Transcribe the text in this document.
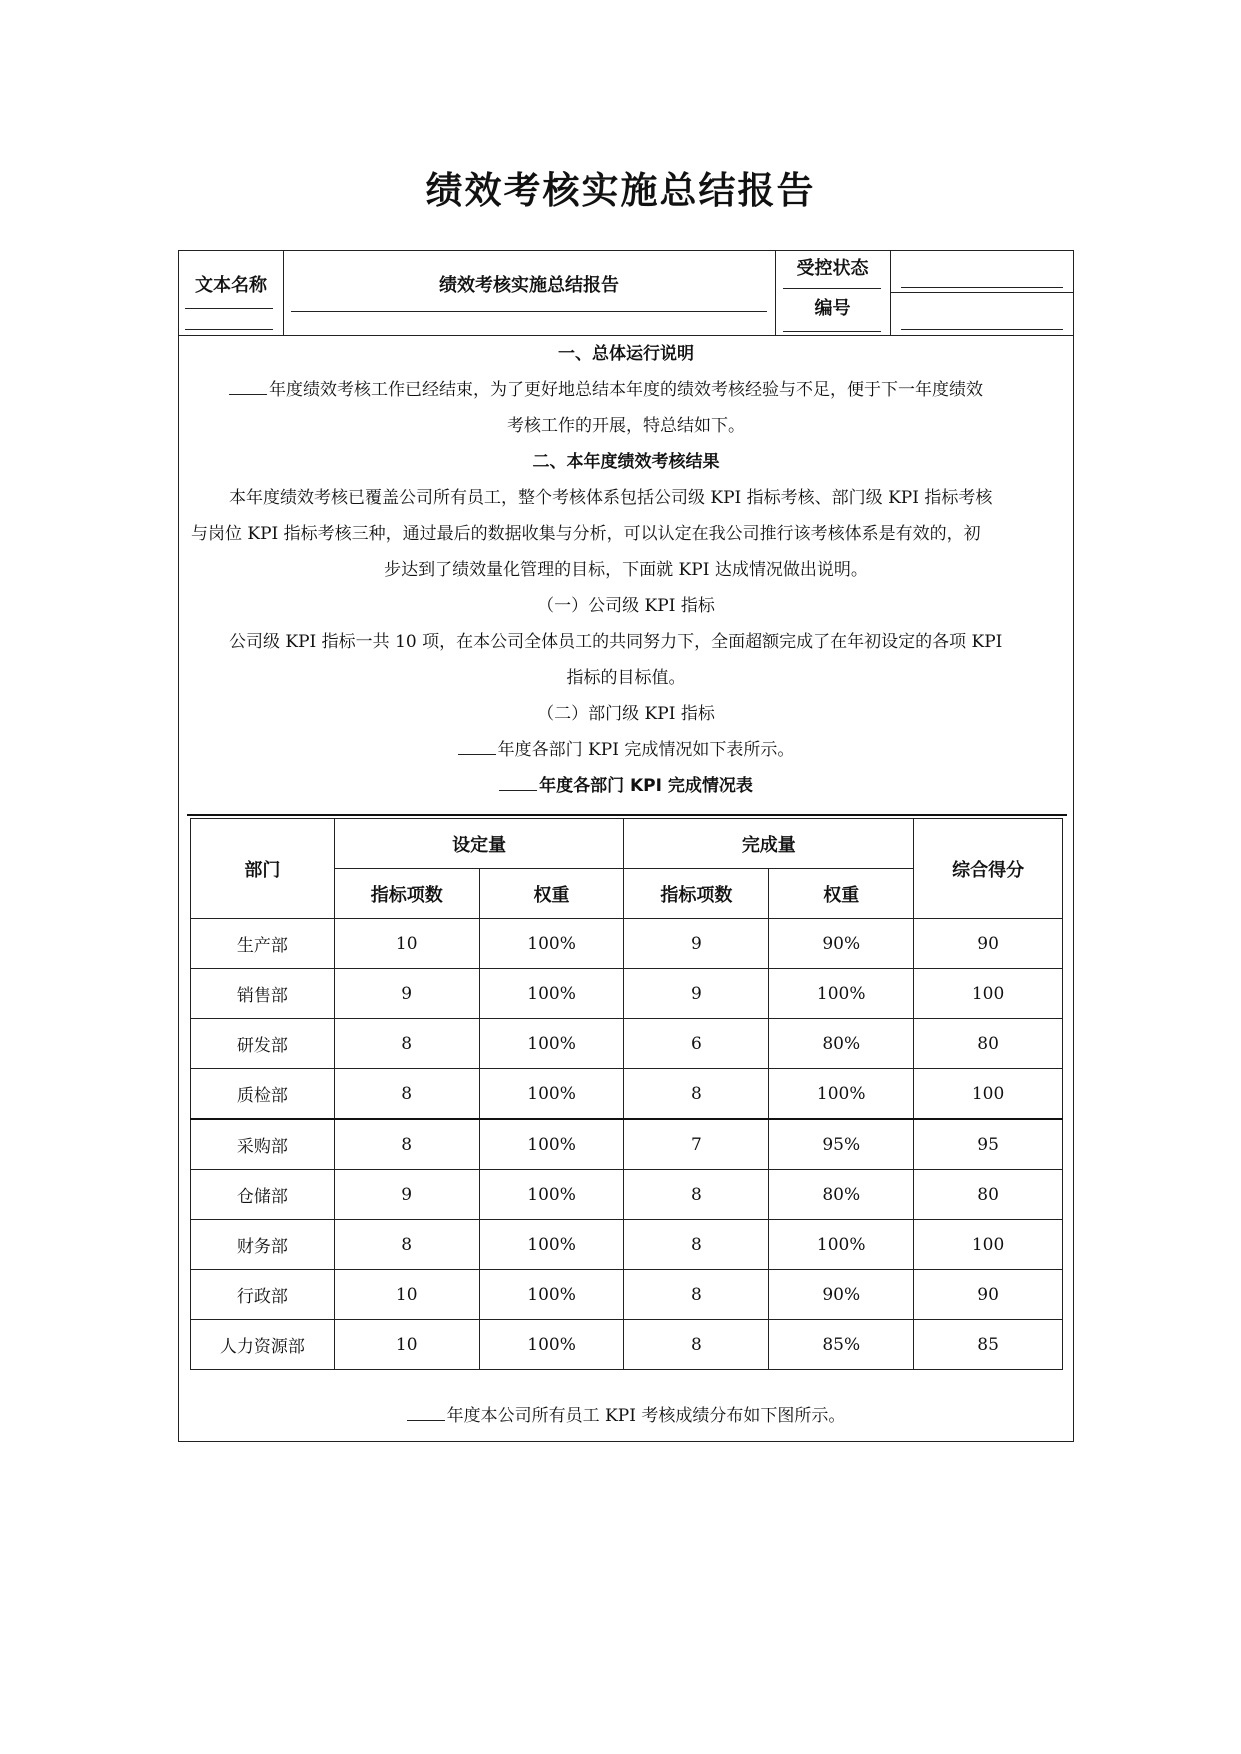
绩效考核实施总结报告
文本名称	绩效考核实施总结报告
受控状态
编号
一、总体运行说明
年度绩效考核工作已经结束，为了更好地总结本年度的绩效考核经验与不足，便于下一年度绩效
考核工作的开展，特总结如下。
二、本年度绩效考核结果
本年度绩效考核已覆盖公司所有员工，整个考核体系包括公司级 KPI 指标考核、部门级 KPI 指标考核
与岗位 KPI 指标考核三种，通过最后的数据收集与分析，可以认定在我公司推行该考核体系是有效的，初
步达到了绩效量化管理的目标，下面就 KPI 达成情况做出说明。
（一）公司级 KPI 指标
公司级 KPI 指标一共 10 项，在本公司全体员工的共同努力下，全面超额完成了在年初设定的各项 KPI
指标的目标值。
（二）部门级 KPI 指标
年度各部门 KPI 完成情况如下表所示。
年度各部门 KPI 完成情况表
部门	设定量		完成量		综合得分
	指标项数	权重	指标项数	权重	
生产部	10	100%	9	90%	90
销售部	9	100%	9	100%	100
研发部	8	100%	6	80%	80
质检部	8	100%	8	100%	100
采购部	8	100%	7	95%	95
仓储部	9	100%	8	80%	80
财务部	8	100%	8	100%	100
行政部	10	100%	8	90%	90
人力资源部	10	100%	8	85%	85
年度本公司所有员工 KPI 考核成绩分布如下图所示。
